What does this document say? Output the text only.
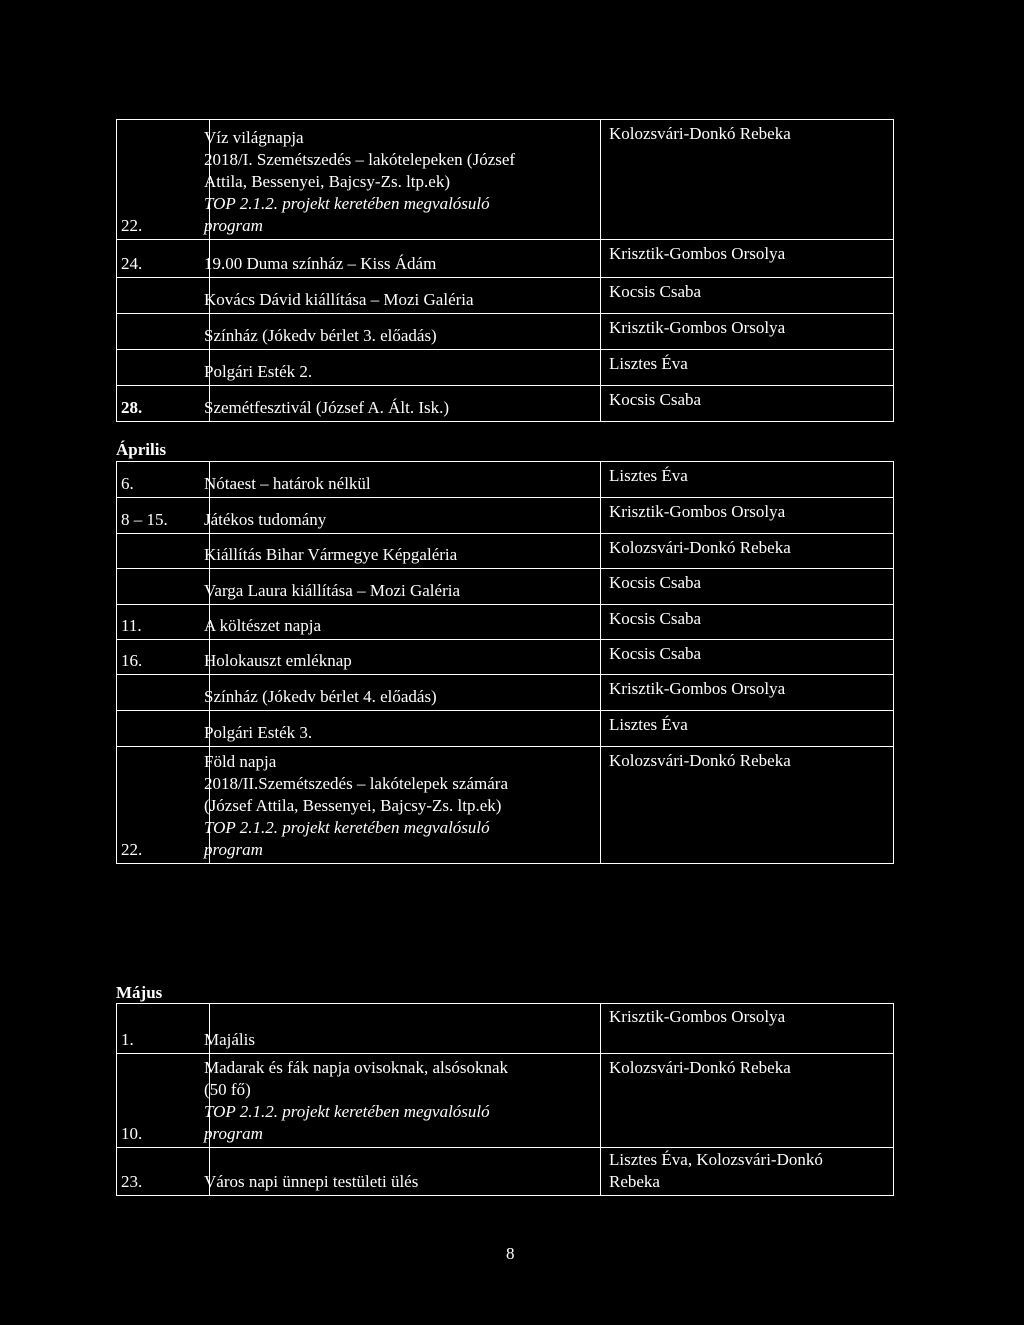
22.	Víz világnapja
2018/I. Szemétszedés – lakótelepeken (József
Attila, Bessenyei, Bajcsy-Zs. ltp.ek)
TOP 2.1.2. projekt keretében megvalósuló
program	Kolozsvári-Donkó Rebeka
24.	19.00 Duma színház – Kiss Ádám	Krisztik-Gombos Orsolya

	Kovács Dávid kiállítása – Mozi Galéria	Kocsis Csaba

	Színház (Jókedv bérlet 3. előadás)	Krisztik-Gombos Orsolya

	Polgári Esték 2.	Lisztes Éva
28.	Szemétfesztivál (József A. Ált. Isk.)	Kocsis Csaba
Április
6.	Nótaest – határok nélkül	Lisztes Éva
8 – 15.	Játékos tudomány	Krisztik-Gombos Orsolya

	Kiállítás Bihar Vármegye Képgaléria	Kolozsvári-Donkó Rebeka

	Varga Laura kiállítása – Mozi Galéria	Kocsis Csaba
11.	A költészet napja	Kocsis Csaba
16.	Holokauszt emléknap	Kocsis Csaba

	Színház (Jókedv bérlet 4. előadás)	Krisztik-Gombos Orsolya

	Polgári Esték 3.	Lisztes Éva
22.	Föld napja
2018/II.Szemétszedés – lakótelepek számára
(József Attila, Bessenyei, Bajcsy-Zs. ltp.ek)
TOP 2.1.2. projekt keretében megvalósuló
program	Kolozsvári-Donkó Rebeka
Május
1.	Majális	Krisztik-Gombos Orsolya
10.	Madarak és fák napja ovisoknak, alsósoknak
(50 fő)
TOP 2.1.2. projekt keretében megvalósuló
program	Kolozsvári-Donkó Rebeka
23.	Város napi ünnepi testületi ülés	Lisztes Éva, Kolozsvári-Donkó
Rebeka
8
